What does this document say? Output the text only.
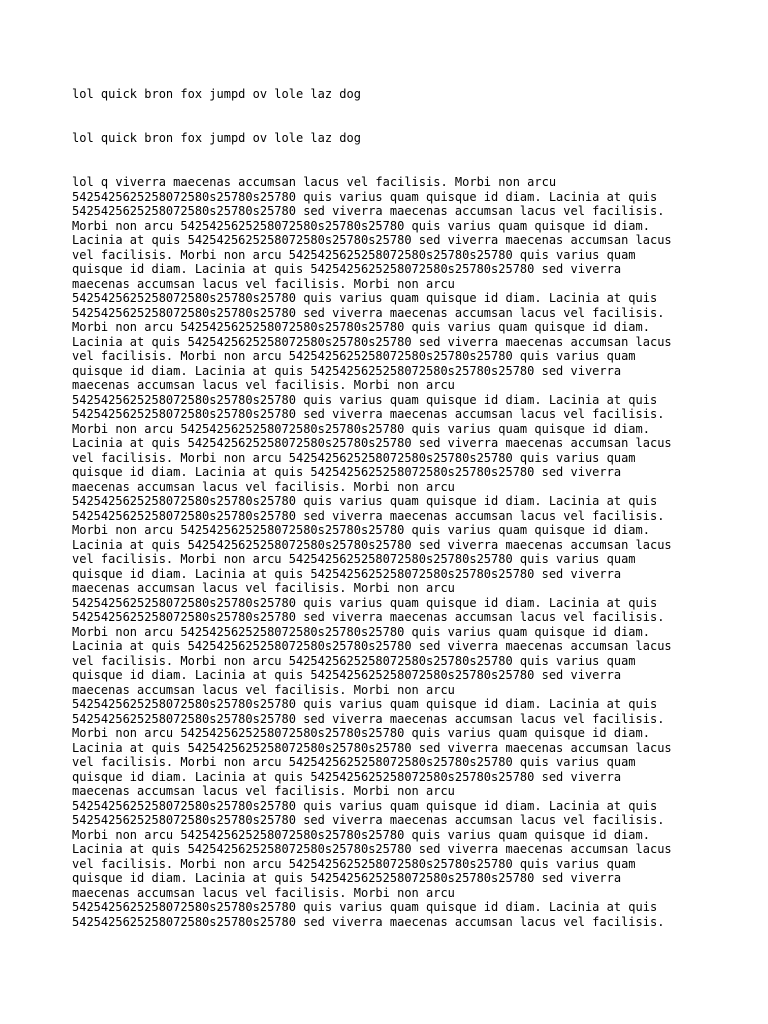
lol quick bron fox jumpd ov lole laz dog
lol quick bron fox jumpd ov lole laz dog
lol q viverra maecenas accumsan lacus vel facilisis. Morbi non arcu
5425425625258072580s25780s25780 quis varius quam quisque id diam. Lacinia at quis
5425425625258072580s25780s25780 sed viverra maecenas accumsan lacus vel facilisis.
Morbi non arcu 5425425625258072580s25780s25780 quis varius quam quisque id diam.
Lacinia at quis 5425425625258072580s25780s25780 sed viverra maecenas accumsan lacus
vel facilisis. Morbi non arcu 5425425625258072580s25780s25780 quis varius quam
quisque id diam. Lacinia at quis 5425425625258072580s25780s25780 sed viverra
maecenas accumsan lacus vel facilisis. Morbi non arcu
5425425625258072580s25780s25780 quis varius quam quisque id diam. Lacinia at quis
5425425625258072580s25780s25780 sed viverra maecenas accumsan lacus vel facilisis.
Morbi non arcu 5425425625258072580s25780s25780 quis varius quam quisque id diam.
Lacinia at quis 5425425625258072580s25780s25780 sed viverra maecenas accumsan lacus
vel facilisis. Morbi non arcu 5425425625258072580s25780s25780 quis varius quam
quisque id diam. Lacinia at quis 5425425625258072580s25780s25780 sed viverra
maecenas accumsan lacus vel facilisis. Morbi non arcu
5425425625258072580s25780s25780 quis varius quam quisque id diam. Lacinia at quis
5425425625258072580s25780s25780 sed viverra maecenas accumsan lacus vel facilisis.
Morbi non arcu 5425425625258072580s25780s25780 quis varius quam quisque id diam.
Lacinia at quis 5425425625258072580s25780s25780 sed viverra maecenas accumsan lacus
vel facilisis. Morbi non arcu 5425425625258072580s25780s25780 quis varius quam
quisque id diam. Lacinia at quis 5425425625258072580s25780s25780 sed viverra
maecenas accumsan lacus vel facilisis. Morbi non arcu
5425425625258072580s25780s25780 quis varius quam quisque id diam. Lacinia at quis
5425425625258072580s25780s25780 sed viverra maecenas accumsan lacus vel facilisis.
Morbi non arcu 5425425625258072580s25780s25780 quis varius quam quisque id diam.
Lacinia at quis 5425425625258072580s25780s25780 sed viverra maecenas accumsan lacus
vel facilisis. Morbi non arcu 5425425625258072580s25780s25780 quis varius quam
quisque id diam. Lacinia at quis 5425425625258072580s25780s25780 sed viverra
maecenas accumsan lacus vel facilisis. Morbi non arcu
5425425625258072580s25780s25780 quis varius quam quisque id diam. Lacinia at quis
5425425625258072580s25780s25780 sed viverra maecenas accumsan lacus vel facilisis.
Morbi non arcu 5425425625258072580s25780s25780 quis varius quam quisque id diam.
Lacinia at quis 5425425625258072580s25780s25780 sed viverra maecenas accumsan lacus
vel facilisis. Morbi non arcu 5425425625258072580s25780s25780 quis varius quam
quisque id diam. Lacinia at quis 5425425625258072580s25780s25780 sed viverra
maecenas accumsan lacus vel facilisis. Morbi non arcu
5425425625258072580s25780s25780 quis varius quam quisque id diam. Lacinia at quis
5425425625258072580s25780s25780 sed viverra maecenas accumsan lacus vel facilisis.
Morbi non arcu 5425425625258072580s25780s25780 quis varius quam quisque id diam.
Lacinia at quis 5425425625258072580s25780s25780 sed viverra maecenas accumsan lacus
vel facilisis. Morbi non arcu 5425425625258072580s25780s25780 quis varius quam
quisque id diam. Lacinia at quis 5425425625258072580s25780s25780 sed viverra
maecenas accumsan lacus vel facilisis. Morbi non arcu
5425425625258072580s25780s25780 quis varius quam quisque id diam. Lacinia at quis
5425425625258072580s25780s25780 sed viverra maecenas accumsan lacus vel facilisis.
Morbi non arcu 5425425625258072580s25780s25780 quis varius quam quisque id diam.
Lacinia at quis 5425425625258072580s25780s25780 sed viverra maecenas accumsan lacus
vel facilisis. Morbi non arcu 5425425625258072580s25780s25780 quis varius quam
quisque id diam. Lacinia at quis 5425425625258072580s25780s25780 sed viverra
maecenas accumsan lacus vel facilisis. Morbi non arcu
5425425625258072580s25780s25780 quis varius quam quisque id diam. Lacinia at quis
5425425625258072580s25780s25780 sed viverra maecenas accumsan lacus vel facilisis.
